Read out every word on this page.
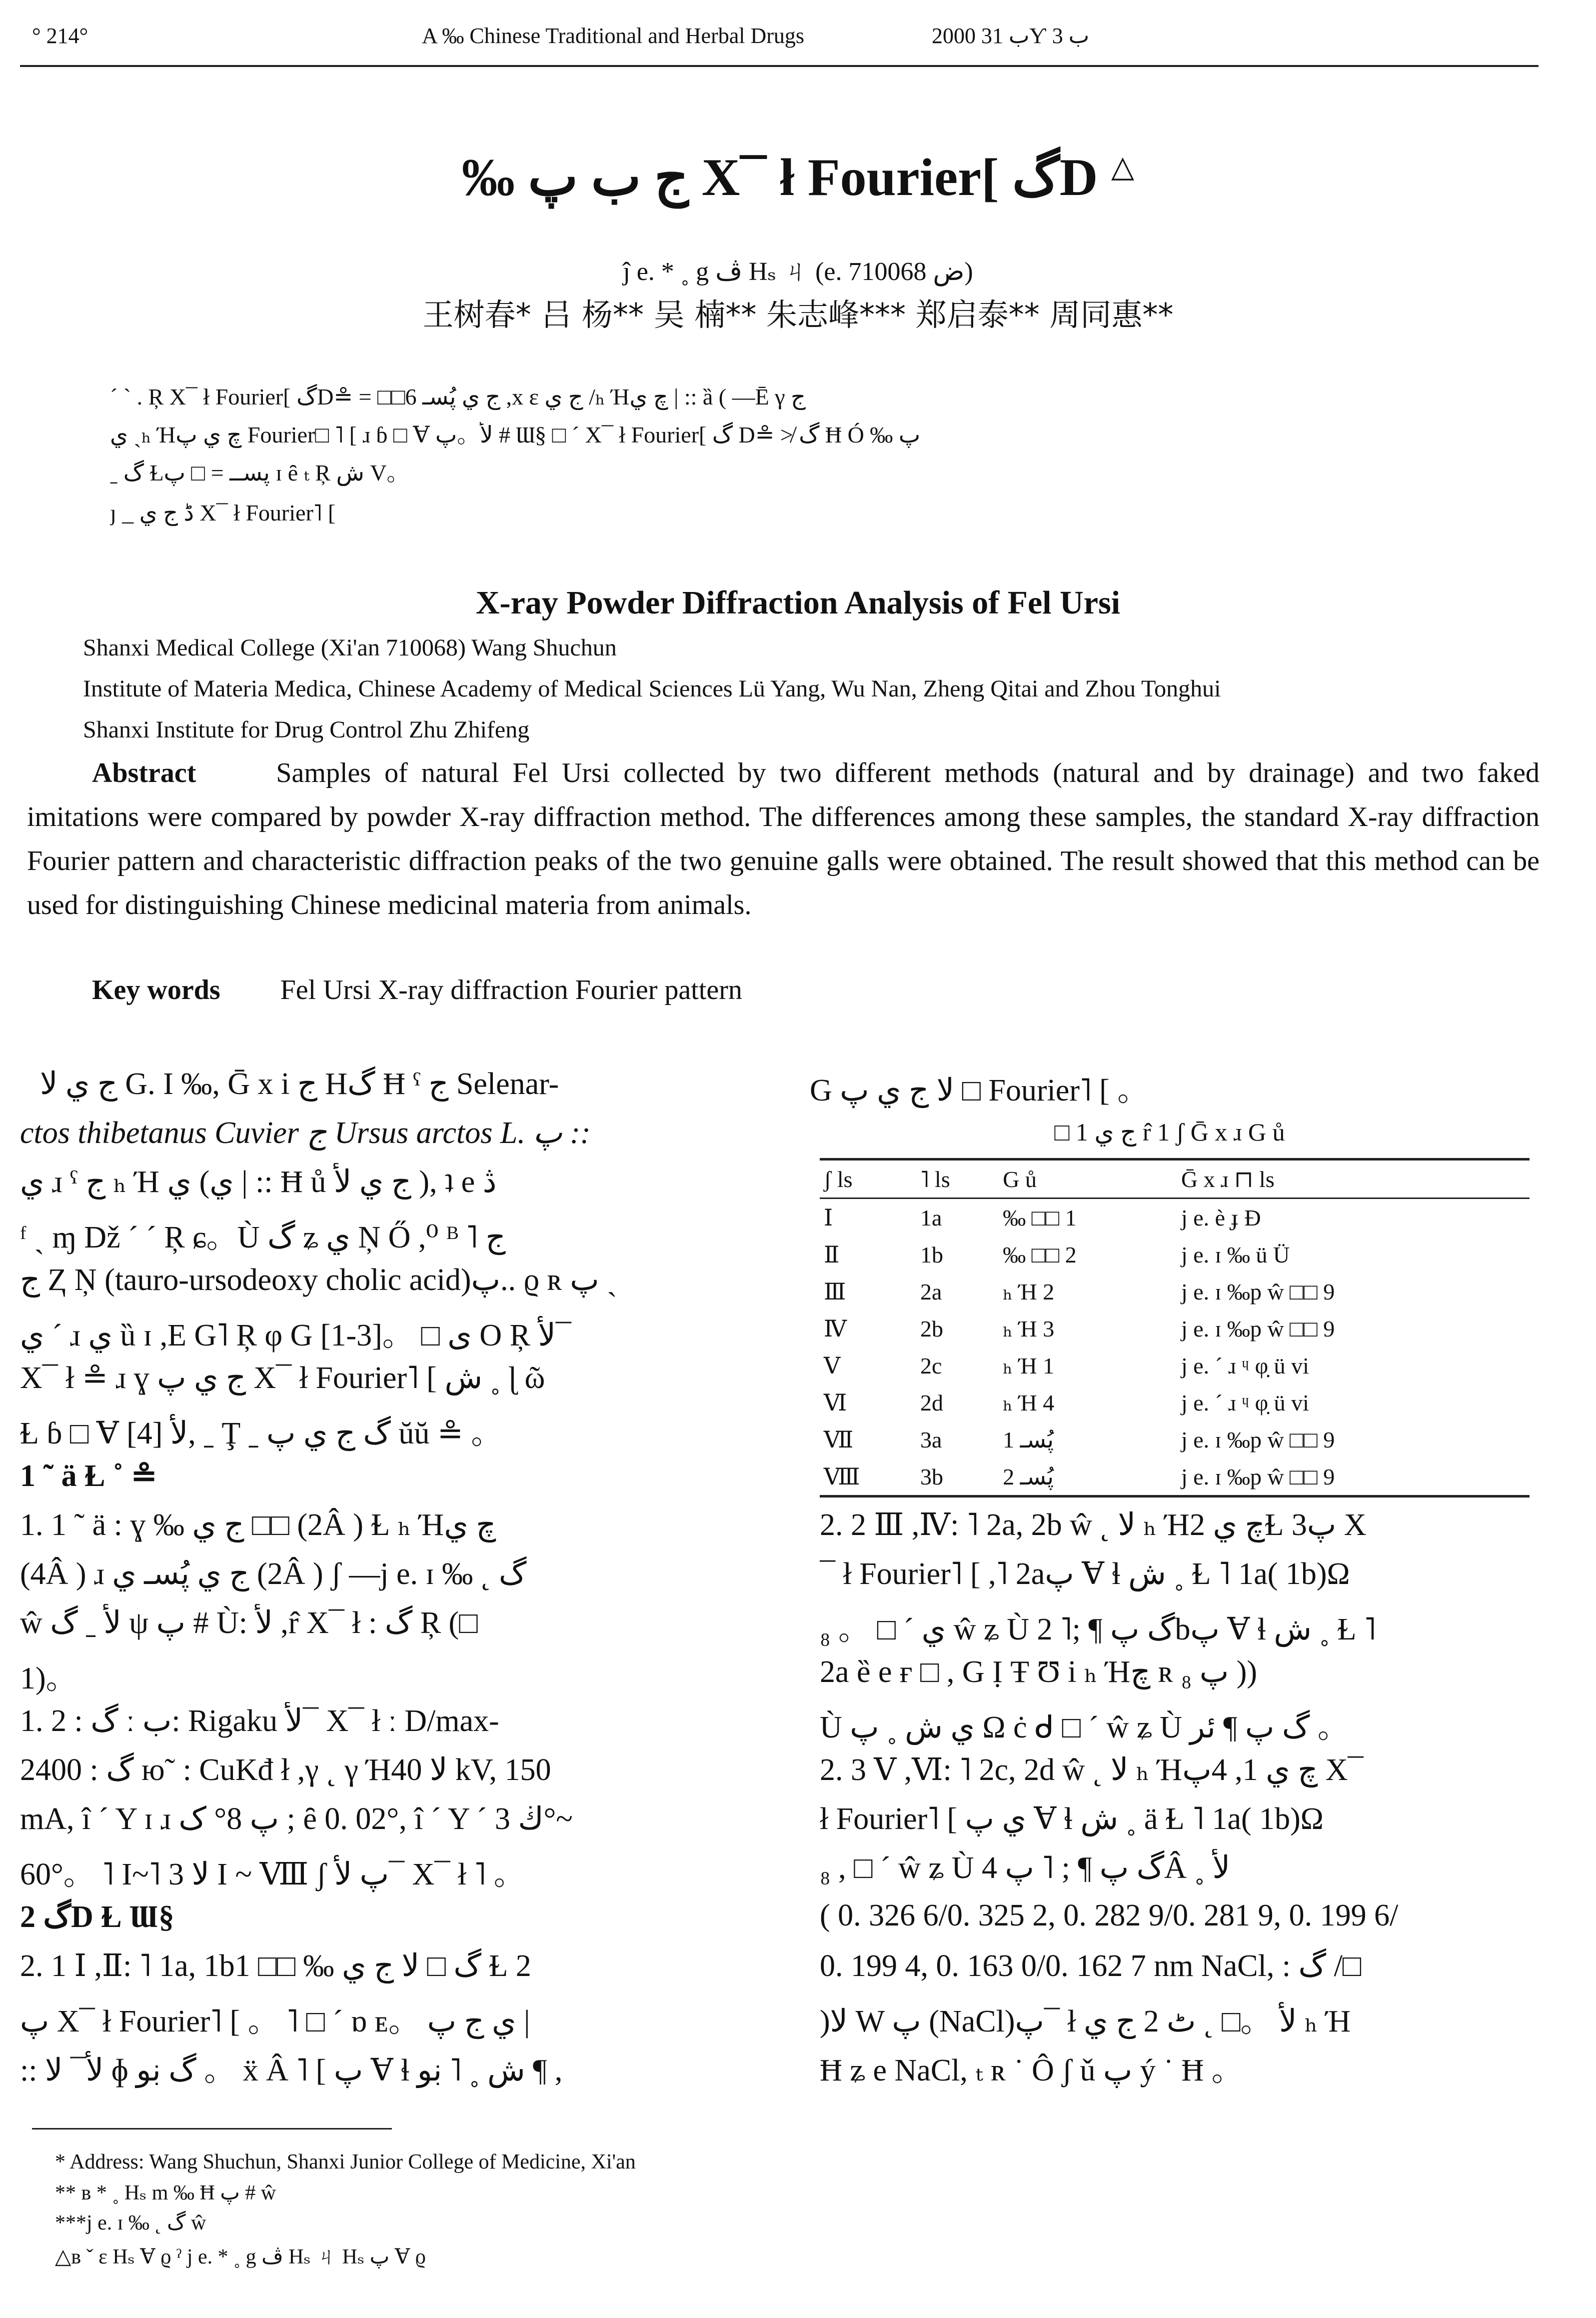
° 214°	A ‰ Chinese Traditional and Herbal Drugs	2000 ب 31Ƴ ب 3
‰ ج ب پ X¯ ł Fourier[ گD △
ĵ e. * ˳ g ڤ Hₛ ㄐ (e. ض 710068)
王树春* 吕 杨** 吴 楠** 朱志峰*** 郑启泰** 周同惠**
ˊ ˋ . Ŗ X¯ ł Fourier[ گD≗ = □□6 ج ي پُسـ ,x ε ج ي /ₕ Ήچ ي | :: ȁ ( —Ē γ ج
ي ˏₕ Ήچ ي پ Fourier□ ˥ [ ɹ ɓ □ Ɐ لأ。پ # Ɯ§ □ ˊ X¯ ł Fourier[ گ D≗ ≯ گ Ħ Ó ‰ پ
ˍ گ Ɫپســ = □ پ ɪ ȇ ₜ Ŗ ش V。
ȷ _ ڈ ج ي X¯ ł Fourier˥ [
X-ray Powder Diffraction Analysis of Fel Ursi
Shanxi Medical College (Xi'an 710068) Wang Shuchun
Institute of Materia Medica, Chinese Academy of Medical Sciences Lü Yang, Wu Nan, Zheng Qitai and Zhou Tonghui
Shanxi Institute for Drug Control Zhu Zhifeng
Abstract	Samples of natural Fel Ursi collected by two different methods (natural and by drainage) and two faked imitations were compared by powder X-ray diffraction method. The differences among these samples, the standard X-ray diffraction Fourier pattern and characteristic diffraction peaks of the two genuine galls were obtained. The result showed that this method can be used for distinguishing Chinese medicinal materia from animals.
Key words Fel Ursi X-ray diffraction Fourier pattern
ج ي لا G. I ‰, Ḡ x i ج Hگ Ħ ˤ ج Selenar-
ctos thibetanus Cuvier ج Ursus arctos L. پ ::
ي ɹ ˤ ج ₕ Ή ي (ي | :: Ħ ů ج ي لأ ), ʇ e ڎ
ᶠ ˏ ɱ Dž ˊ ˊ Ŗ ɕ。Ù گ ʑ ي Ņ Ő ,⁰ ᴮ ˥ ج
ج Ⱬ Ņ (tauro-ursodeoxy cholic acid)پ.. ϱ ʀ پ ˏ
ي ˊ ɹ ي ȕ ɪ ,E G˥ Ŗ φ G [1-3]。 □ ی O Ŗ لأ¯
X¯ ł ≗ ɹ ɣ ج ي پ X¯ ł Fourier˥ [ ش ˳ ɭ ῶ
Ɫ ɓ □ Ɐ لأ [4], ˍ Ţ ˍ گ ج ي پ ŭŭ ≗ 。
1 ˜ ä Ɫ ˚ ≗
1. 1 ˜ ä : ɣ ‰ ج ي □□ (2Â ) Ɫ ₕ Ήچ ي
(4Â ) ɹ ج ي پُسـ ي (2Â ) ʃ —j e. ɪ ‰ ˛ گ
ŵ لأ ˍ گ ψ پ # Ù: لأ ,r̂ X¯ ł : گ Ŗ (□
1)。
1. 2 : گ ː ب: Rigaku لأ¯ X¯ ł ː D/max-
2400 : گ ю˜ : CuKđ ł ,γ ˛ γ Ήلا 40 kV, 150
mA, î ˊ Y ɪ ɹ پ 8° ک ; ȇ 0. 02°, î ˊ Y ˊ ڬ 3°~
60°。 ˥ I~˥ 3 لا I ~ Ⅷ ʃ پ لأ¯ X¯ ł ˥ 。
2 گD Ɫ Ɯ§
2. 1 Ⅰ ,Ⅱ: ˥ 1a, 1bگ □ لا ج ي ‰ □□ 1 Ɫ 2
پ X¯ ł Fourier˥ [ 。 ˥ □ ˊ ɒ ᴇ。 ي ج پ |
:: لأ¯ لا ɸ گ ڹو 。 ẍ Â ˥ [ پ Ɐ ɬ ش ˳ ˥ ڹو ¶ ,
G لا ج ي پ □ Fourier˥ [ 。
□ 1 ج ي r̂ 1 ʃ Ḡ x ɹ G ů
ʃ ls	˥ ls	G ů	Ḡ x ɹ ⊓ ls
Ⅰ	1a	‰ □□ 1	j e. è ɟ Ɖ
Ⅱ	1b	‰ □□ 2	j e. ɪ ‰ ü Ü
Ⅲ	2a	ₕ Ή 2	j e. ɪ ‰p ŵ □□ 9
Ⅳ	2b	ₕ Ή 3	j e. ɪ ‰p ŵ □□ 9
Ⅴ	2c	ₕ Ή 1	j e. ˊ ɹ ᶣ φ̣ ü vi
Ⅵ	2d	ₕ Ή 4	j e. ˊ ɹ ᶣ φ̣ ü vi
Ⅶ	3a	پُسـ 1	j e. ɪ ‰p ŵ □□ 9
Ⅷ	3b	پُسـ 2	j e. ɪ ‰p ŵ □□ 9
2. 2 Ⅲ ,Ⅳ: ˥ 2a, 2b ŵ ˛ لا ₕ Ήچ ي 2Ɫ 3پ X
¯ ł Fourier˥ [ ,˥ 2aپ Ɐ ɬ ش ˳ Ɫ ˥ 1a( 1b)Ω
₈ 。 □ ˊ ي ŵ ʑ Ù گ پ ¶ ;˥ 2bپ Ɐ ɬ ش ˳ Ɫ ˥
2a ȅ e ғ □ , G Ị Ŧ Ʊ i ₕ Ήچ ʀ پ ₈ ))
Ù ي ش ˳ پ Ω ċ ᑯ □ ˊ ŵ ʑ Ù گ پ ¶ ئر 。
2. 3 Ⅴ ,Ⅵ: ˥ 2c, 2d ŵ ˛ لا ₕ Ήچ ي 1, 4پ X¯
ł Fourier˥ [ ي پ Ɐ ɬ ش ˳ ä Ɫ ˥ 1a( 1b)Ω
₈ , □ ˊ ŵ ʑ Ù گ پ ¶ ; ˥ پ 4Â ˳ لأ
( 0. 326 6/0. 325 2, 0. 282 9/0. 281 9, 0. 199 6/
0. 199 4, 0. 163 0/0. 162 7 nm NaCl, : گ /□
)لا W پ (NaCl)پ¯ ł لأ 。□ ˛ ٹ 2 ج ي ₕ Ή
Ħ ʑ e NaCl, ₜ ʀ ˙ Ô ʃ ǔ پ ý ˙ Ħ 。
* Address: Wang Shuchun, Shanxi Junior College of Medicine, Xi'an
** ʙ * ˳ Hₛ m ‰ Ħ پ # ŵ
***j e. ɪ ‰ ˛ گ ŵ
△ʙ ˇ ε Hₛ Ɐ ϱ ˀ j e. * ˳ g ڤ Hₛ ㄐ Hₛ پ Ɐ ϱ
